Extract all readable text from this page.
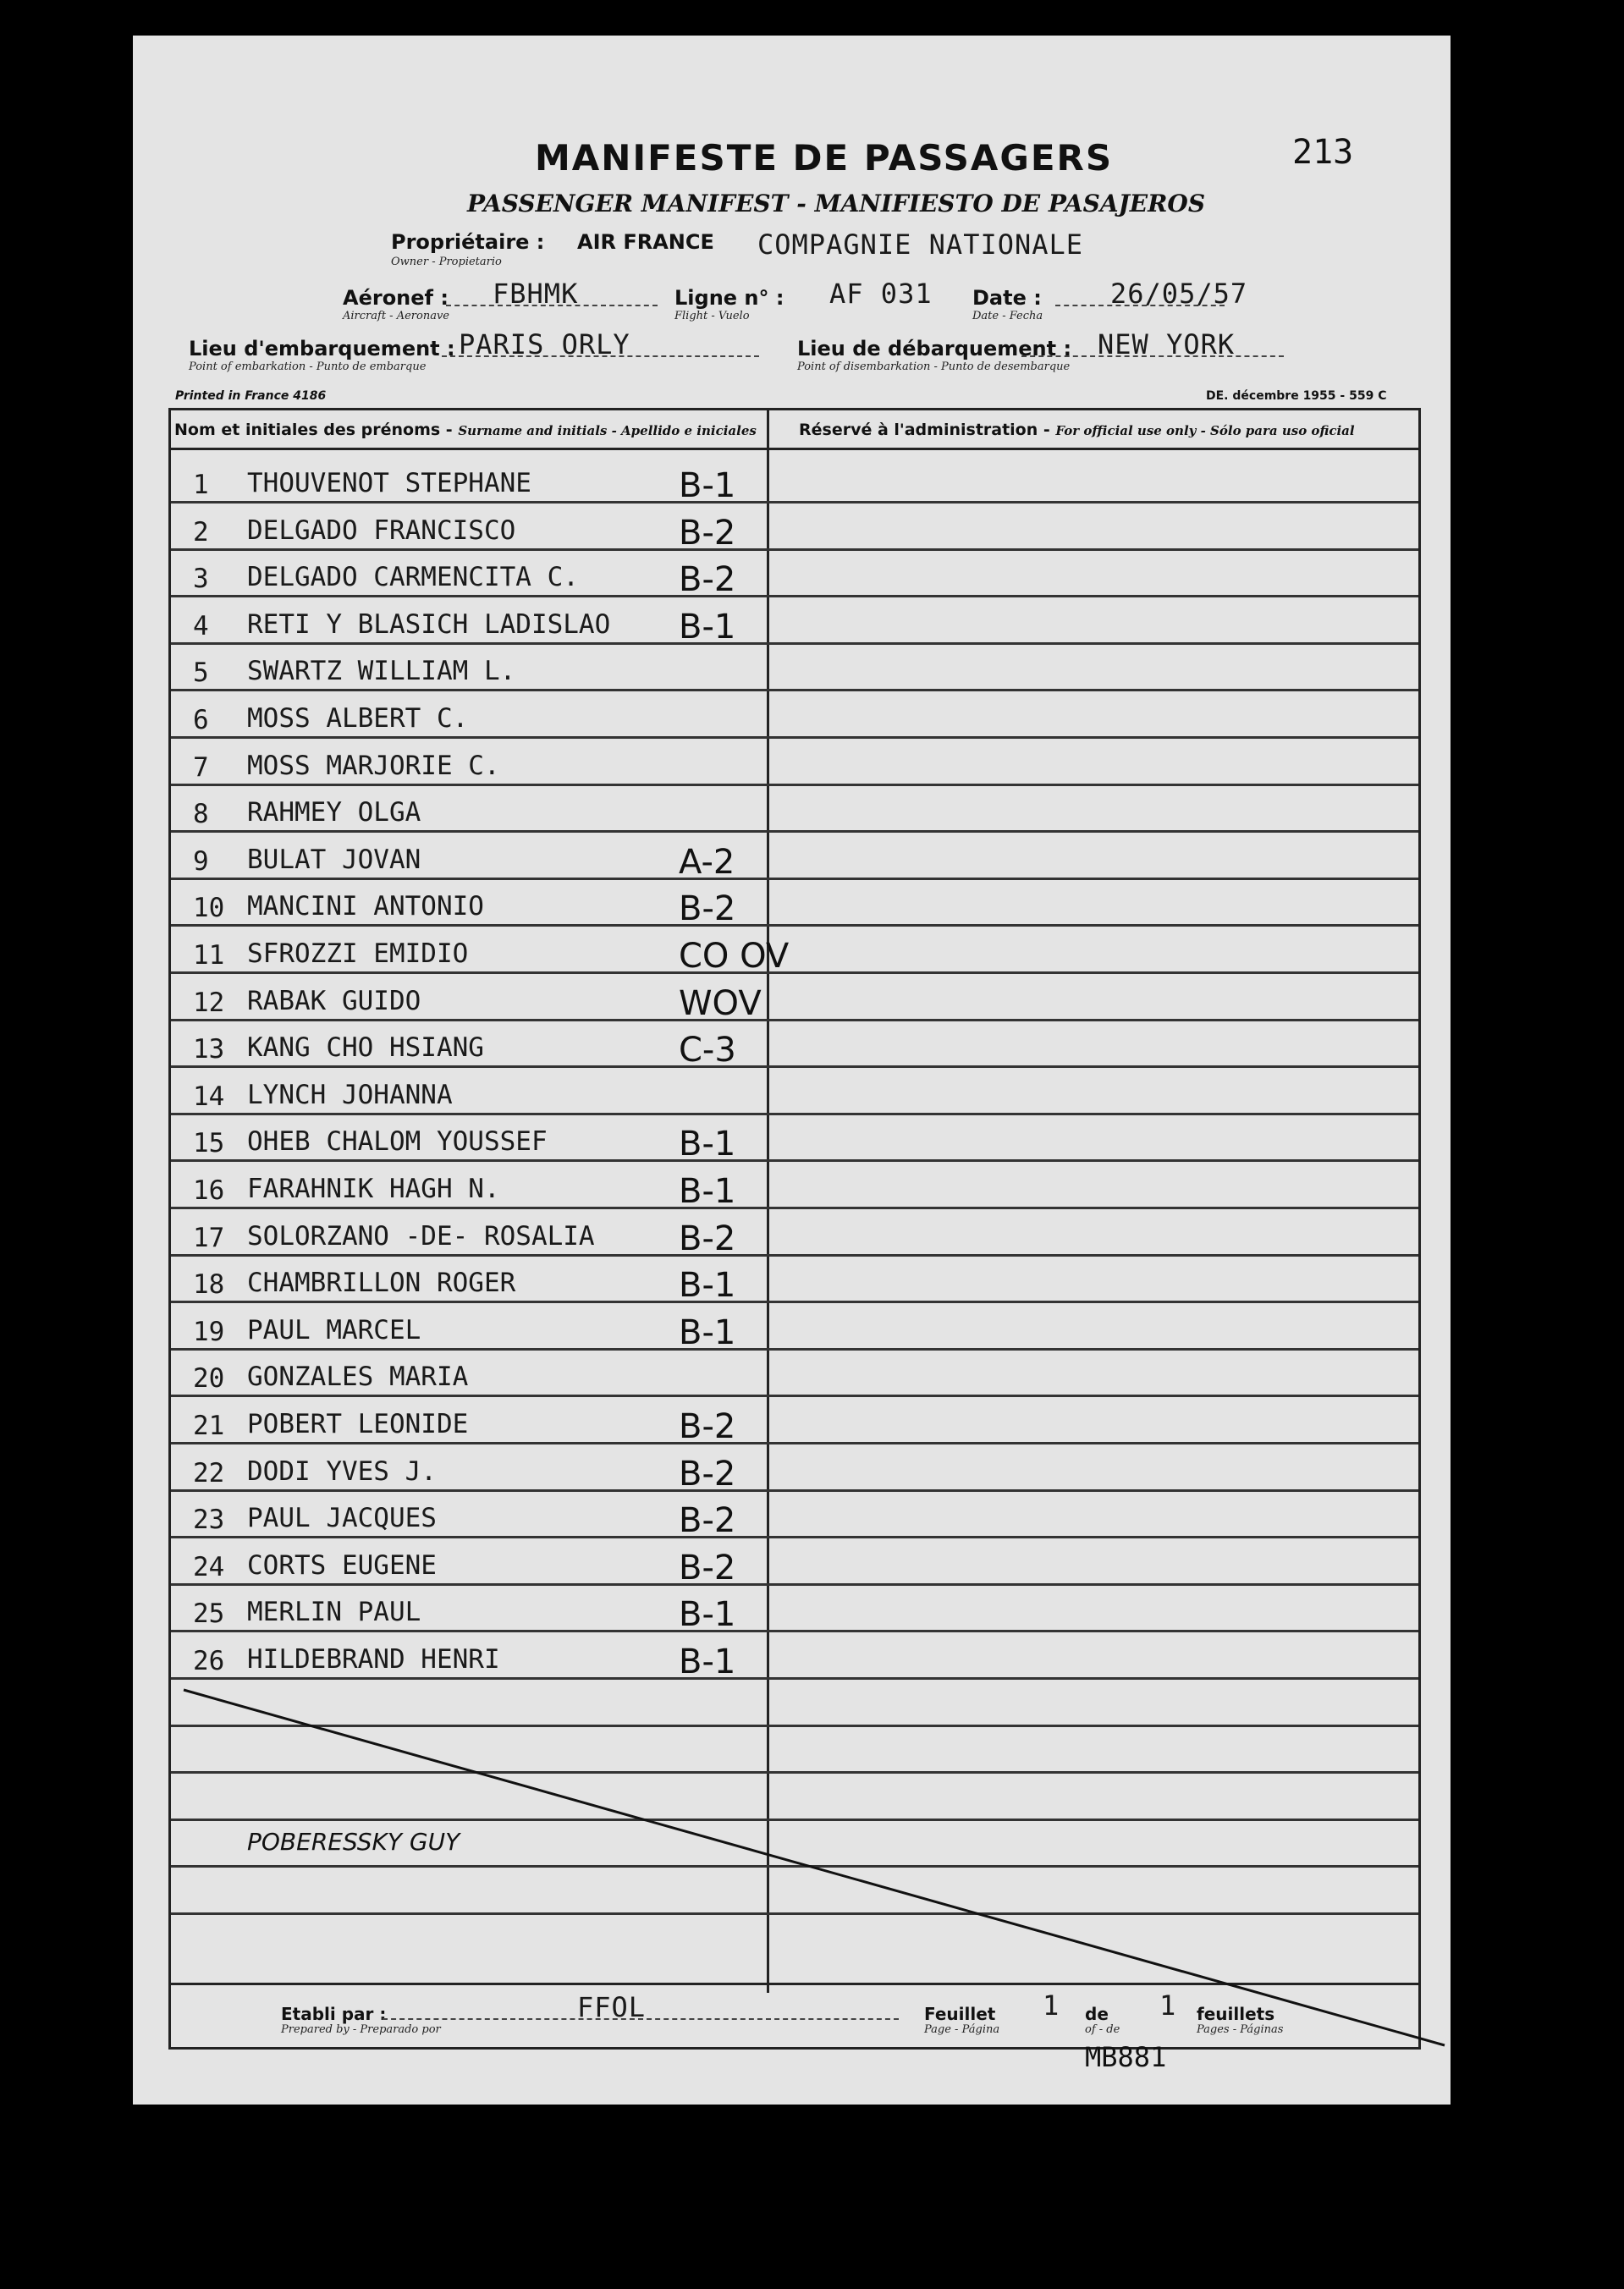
213
MANIFESTE DE PASSAGERS
PASSENGER MANIFEST - MANIFIESTO DE PASAJEROS
Propriétaire :
Owner - Propietario
AIR FRANCE COMPAGNIE NATIONALE
Aéronef :
Aircraft - Aeronave
FBHMK	Ligne n° :
Flight - Vuelo
AF 031 Date :
Date - Fecha
26/05/57
Lieu d'embarquement :
Point of embarkation - Punto de embarque
PARIS ORLY	Lieu de débarquement :
Point of disembarkation - Punto de desembarque
NEW YORK
Printed in France 4186	DE. décembre 1955 - 559 C
Nom et initiales des prénoms - Surname and initials - Apellido e iniciales	Réservé à l'administration - For official use only - Sólo para uso oficial
1 THOUVENOT STEPHANE	B-1
2 DELGADO FRANCISCO	B-2
3 DELGADO CARMENCITA C.	B-2
4 RETI Y BLASICH LADISLAO B-1
5 SWARTZ WILLIAM L.
6 MOSS ALBERT C.
7 MOSS MARJORIE C.
8 RAHMEY OLGA
9 BULAT JOVAN	A-2
10 MANCINI ANTONIO	B-2
11 SFROZZI EMIDIO	CO OV
12 RABAK GUIDO	WOV
13 KANG CHO HSIANG	C-3
14 LYNCH JOHANNA
15 OHEB CHALOM YOUSSEF	B-1
16 FARAHNIK HAGH N.	B-1
17 SOLORZANO -DE- ROSALIA B-2
18 CHAMBRILLON ROGER	B-1
19 PAUL MARCEL	B-1
20 GONZALES MARIA
21 POBERT LEONIDE	B-2
22 DODI YVES J.	B-2
23 PAUL JACQUES	B-2
24 CORTS EUGENE	B-2
25 MERLIN PAUL	B-1
26 HILDEBRAND HENRI	B-1
POBERESSKY GUY
Etabli par :
Prepared by - Preparado por
FFOL	Feuillet
Page - Página
1 de
of - de
1 feuillets
Pages - Páginas
MB881
